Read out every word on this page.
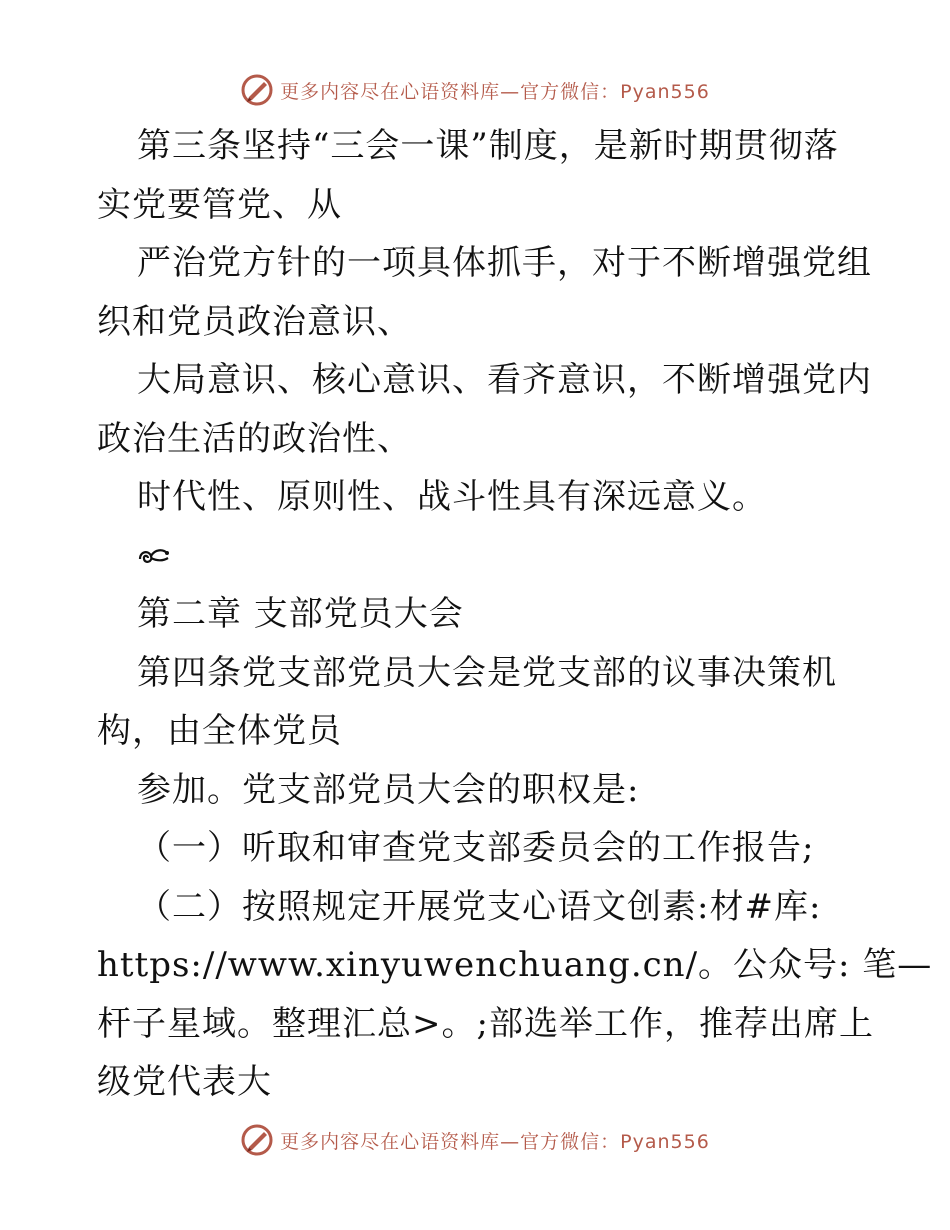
更多内容尽在心语资料库—官方微信：Pyan556
第三条坚持“三会一课”制度，是新时期贯彻落
实党要管党、从
严治党方针的一项具体抓手，对于不断增强党组
织和党员政治意识、
大局意识、核心意识、看齐意识，不断增强党内
政治生活的政治性、
时代性、原则性、战斗性具有深远意义。
第二章 支部党员大会
第四条党支部党员大会是党支部的议事决策机
构，由全体党员
参加。党支部党员大会的职权是:
（一）听取和审查党支部委员会的工作报告;
（二）按照规定开展党支心语文创素:材#库:
https://www.xinyuwenchuang.cn/。公众号: 笔—
杆子星域。整理汇总>。;部选举工作，推荐出席上
级党代表大
更多内容尽在心语资料库—官方微信：Pyan556
